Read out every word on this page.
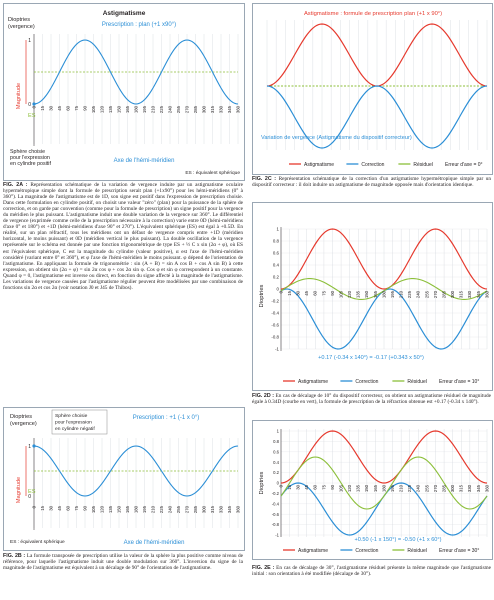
Astigmatisme
Dioptries
(vergence)	Prescription : plan (+1 x90°)
1
0 0 15 30 45 60 75 90 105 120 135 150 165 180 195 210 225 240 255 270 285 300 315 330 345 360
Magnitude
ES
Sphère choisie
pour l'expression
en cylindre positif	Axe de l'hémi-méridien
ES : équivalent sphérique
FIG. 2A : Représentation schématique de la variation de vergence induite par un astigmatisme oculaire hypermétropique simple dont la formule de prescription serait plan (+1x90°) pour les hémi-méridiens (0° à 360°). La magnitude de l'astigmatisme est de 1D, son signe est positif dans l'expression de prescription choisie. Dans cette formulation en cylindre positif, on choisit une valeur "zéro" (plan) pour la puissance de la sphère de correction, et on garde par convention (comme pour la formule de prescription) un signe positif pour la vergence du méridien le plus puissant. L'astigmatisme induit une double variation de la vergence sur 360°. Le différentiel de vergence (exprimée comme celle de la prescription nécessaire à la correction) varie entre 0D (hémi-méridiens d'axe 0° et 180°) et +1D (hémi-méridiens d'axe 90° et 270°). L'équivalent sphérique (ES) est égal à +0.5D. En réalité, sur un plan réfractif, tous les méridiens ont un défaut de vergence compris entre +1D (méridien horizontal, le moins puissant) et 0D (méridien vertical le plus puissant). La double oscillation de la vergence représentée sur le schéma est donnée par une fonction trigonométrique de type ES + ½ C x sin (2α + φ), où ES est l'équivalent sphérique, C est la magnitude du cylindre (valeur positive), α est l'axe de l'hémi-méridien considéré (variant entre 0° et 360°), et φ l'axe de l'hémi-méridien le moins puissant. φ dépend de l'orientation de l'astigmatisme. En appliquant la formule de trigonométrie : sin (A + B) = sin A cos B + cos A sin B) à cette expression, on obtient sin (2α + φ) = sin 2α cos φ + cos 2α sin φ. Cos φ et sin φ correspondent à un constante. Quand φ = 0, l'astigmatisme est inverse ou direct, en fonction du signe affecté à la magnitude de l'astigmatisme. Les variations de vergence causées par l'astigmatisme régulier peuvent être modélisées par une combinaison de fonctions sin 2α et cos 2α (voir notation J0 et J45 de Thibos).
Dioptries
(vergence)
Sphère choisie
pour l'expression
en cylindre négatif
Prescription : +1 (-1 x 0°)
1
0
0 15 30 45 60 75 90 105 120 135 150 165 180 195 210 225 240 255 270 285 300 315 330 345 360
Magnitude ES
ES : équivalent sphérique	Axe de l'hémi-méridien
FIG. 2B : La formule transposée de prescription utilise la valeur de la sphère la plus positive comme niveau de référence, pour laquelle l'astigmatisme induit une double modulation sur 360°. L'inversion du signe de la magnitude de l'astigmatisme est équivalent à un décalage de 90° de l'orientation de l'astigmatisme.
Astigmatisme : formule de prescription plan (+1 x 90°)
Variation de vergence (Astigmatisme du dispositif correcteur)
Astigmatisme	Correction	Résiduel Erreur d'axe = 0°
FIG. 2C : Représentation schématique de la correction d'un astigmatisme hypermétropique simple par un dispositif correcteur : il doit induire un astigmatisme de magnitude opposée mais d'orientation identique.
Dioptries
1
0.8
0.6
0.4
0.2
0
-0.2
-0.4
-0.6
-0.8
-1
0 15 30 45 60 75 90 105 120 135 150 165 180 195 210 225 240 255 270 285 300 315 330 345 360
+0.17 (-0.34 x 140°) = -0.17 (+0.343 x 50°)
Astigmatisme	Correction	Résiduel Erreur d'axe = 10°
FIG. 2D : En cas de décalage de 10° du dispositif correcteur, on obtient un astigmatisme résiduel de magnitude égale à 0.34D (courbe en vert), la formule de prescription de la réfraction obtenue est +0.17 (-0.34 x 140°).
Dioptries
1
0.8
0.6
0.4
0.2
0
-0.2
-0.4
-0.6
-0.8
-1
0 15 30 45 60 75 90 105 120 135 150 165 180 195 210 225 240 255 270 285 300 315 330 345 360
+0.50 (-1 x 150°) = -0.50 (+1 x 60°)
Astigmatisme	Correction	Résiduel Erreur d'axe = 30°
FIG. 2E : En cas de décalage de 30°, l'astigmatisme résiduel présente la même magnitude que l'astigmatisme initial : son orientation à été modifiée (décalage de 30°).
